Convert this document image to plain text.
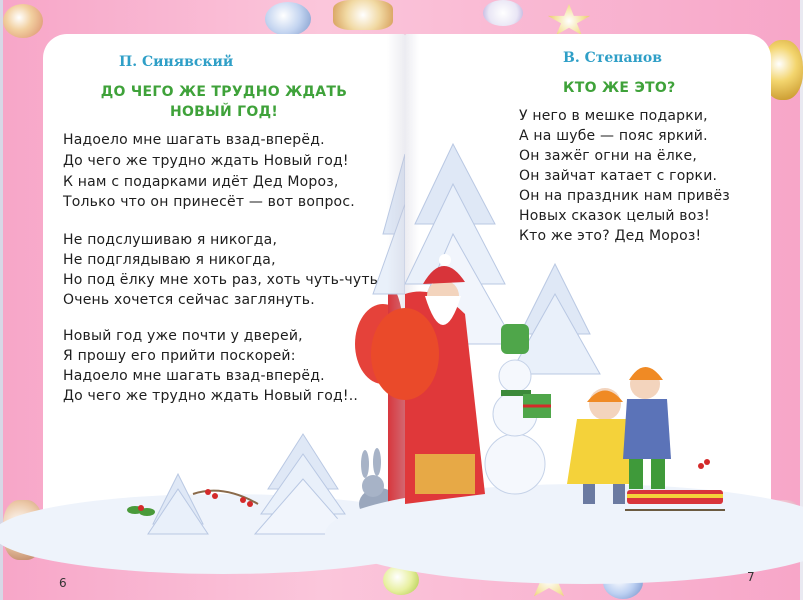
П. Синявский
ДО ЧЕГО ЖЕ ТРУДНО ЖДАТЬ
НОВЫЙ ГОД!
Надоело мне шагать взад-вперёд.
До чего же трудно ждать Новый год!
К нам с подарками идёт Дед Мороз,
Только что он принесёт — вот вопрос.
Не подслушиваю я никогда,
Не подглядываю я никогда,
Но под ёлку мне хоть раз, хоть чуть-чуть
Очень хочется сейчас заглянуть.
Новый год уже почти у дверей,
Я прошу его прийти поскорей:
Надоело мне шагать взад-вперёд.
До чего же трудно ждать Новый год!..
6
В. Степанов
КТО ЖЕ ЭТО?
У него в мешке подарки,
А на шубе — пояс яркий.
Он зажёг огни на ёлке,
Он зайчат катает с горки.
Он на праздник нам привёз
Новых сказок целый воз!
Кто же это? Дед Мороз!
7
